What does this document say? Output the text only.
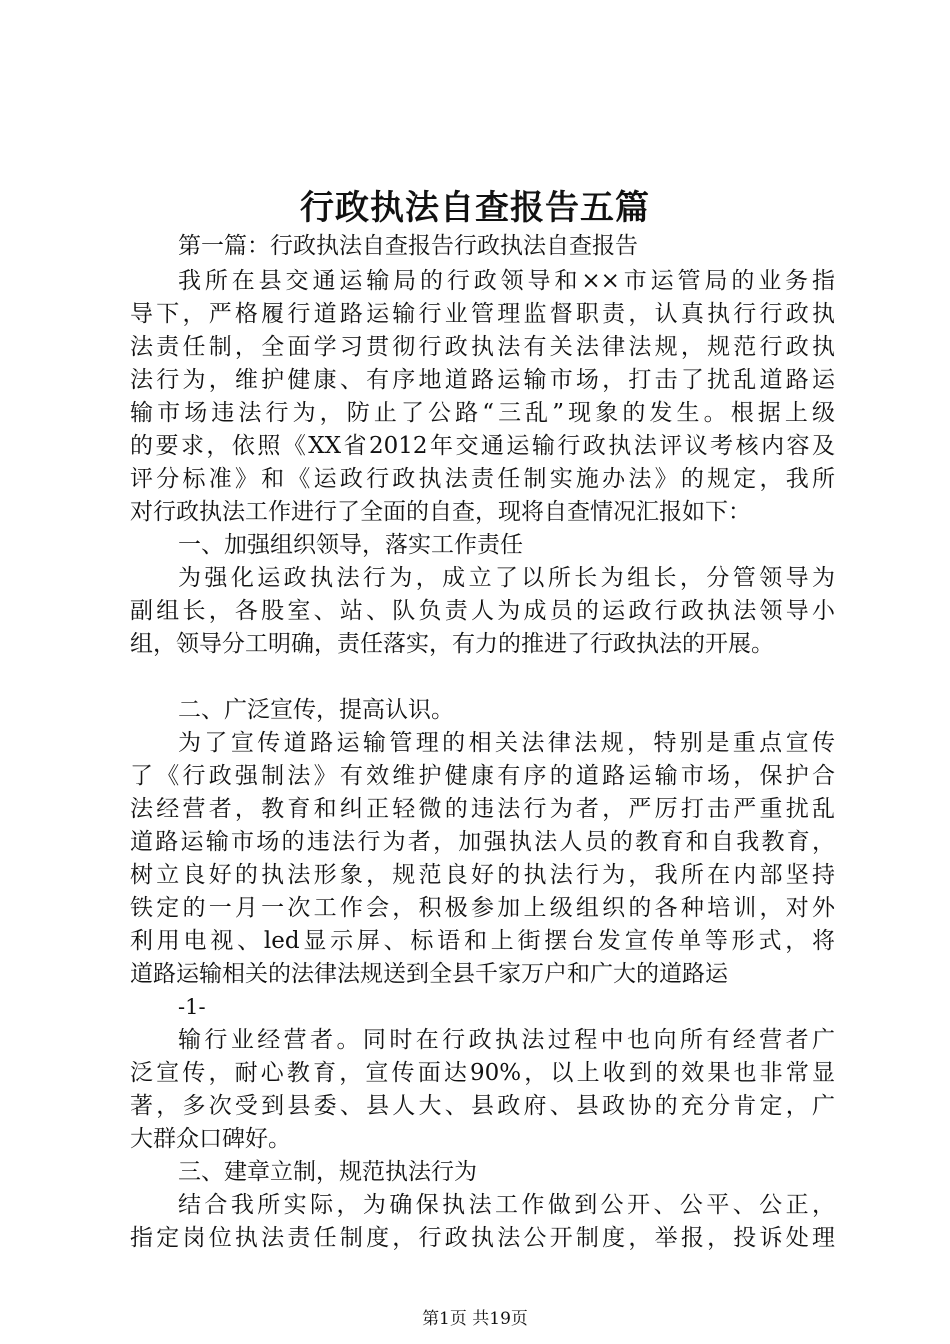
行政执法自查报告五篇
第一篇：行政执法自查报告行政执法自查报告
我所在县交通运输局的行政领导和××市运管局的业务指
导下，严格履行道路运输行业管理监督职责，认真执行行政执
法责任制，全面学习贯彻行政执法有关法律法规，规范行政执
法行为，维护健康、有序地道路运输市场，打击了扰乱道路运
输市场违法行为，防止了公路“三乱”现象的发生。根据上级
的要求，依照《XX省2012年交通运输行政执法评议考核内容及
评分标准》和《运政行政执法责任制实施办法》的规定，我所
对行政执法工作进行了全面的自查，现将自查情况汇报如下：
一、加强组织领导，落实工作责任
为强化运政执法行为，成立了以所长为组长，分管领导为
副组长，各股室、站、队负责人为成员的运政行政执法领导小
组，领导分工明确，责任落实，有力的推进了行政执法的开展。
二、广泛宣传，提高认识。
为了宣传道路运输管理的相关法律法规，特别是重点宣传
了《行政强制法》有效维护健康有序的道路运输市场，保护合
法经营者，教育和纠正轻微的违法行为者，严厉打击严重扰乱
道路运输市场的违法行为者，加强执法人员的教育和自我教育，
树立良好的执法形象，规范良好的执法行为，我所在内部坚持
铁定的一月一次工作会，积极参加上级组织的各种培训，对外
利用电视、led显示屏、标语和上街摆台发宣传单等形式，将
道路运输相关的法律法规送到全县千家万户和广大的道路运
-1-
输行业经营者。同时在行政执法过程中也向所有经营者广
泛宣传，耐心教育，宣传面达90%，以上收到的效果也非常显
著，多次受到县委、县人大、县政府、县政协的充分肯定，广
大群众口碑好。
三、建章立制，规范执法行为
结合我所实际，为确保执法工作做到公开、公平、公正，
指定岗位执法责任制度，行政执法公开制度，举报，投诉处理
第1页 共19页
